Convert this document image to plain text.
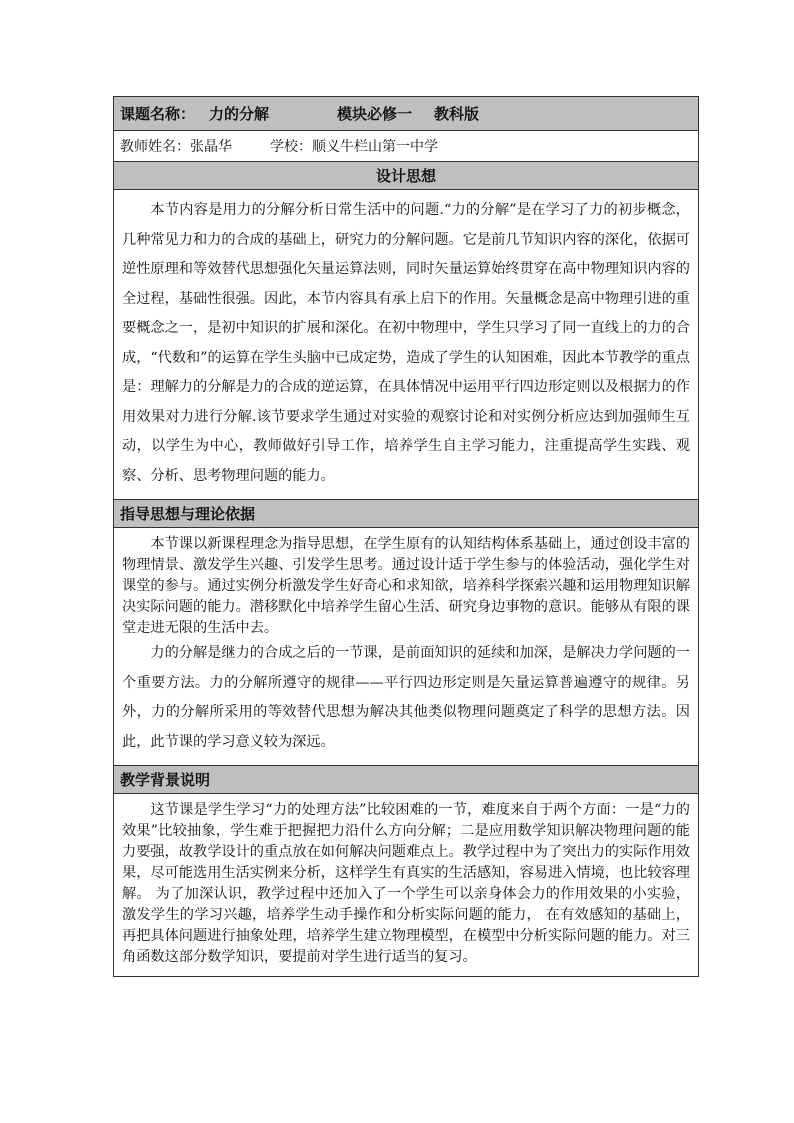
课题名称： 力的分解	模块必修一 教科版
教师姓名： 张晶华	学校： 顺义牛栏山第一中学
设计思想

本节内容是用力的分解分析日常生活中的问题.“力的分解”是在学习了力的初步概念，几种常见力和力的合成的基础上，研究力的分解问题。它是前几节知识内容的深化，依据可逆性原理和等效替代思想强化矢量运算法则，同时矢量运算始终贯穿在高中物理知识内容的全过程，基础性很强。因此，本节内容具有承上启下的作用。矢量概念是高中物理引进的重要概念之一，是初中知识的扩展和深化。在初中物理中，学生只学习了同一直线上的力的合成，“代数和”的运算在学生头脑中已成定势，造成了学生的认知困难，因此本节教学的重点是：理解力的分解是力的合成的逆运算，在具体情况中运用平行四边形定则以及根据力的作用效果对力进行分解.该节要求学生通过对实验的观察讨论和对实例分析应达到加强师生互动，以学生为中心，教师做好引导工作，培养学生自主学习能力，注重提高学生实践、观察、分析、思考物理问题的能力。

指导思想与理论依据

本节课以新课程理念为指导思想，在学生原有的认知结构体系基础上，通过创设丰富的物理情景、激发学生兴趣、引发学生思考。通过设计适于学生参与的体验活动，强化学生对课堂的参与。通过实例分析激发学生好奇心和求知欲，培养科学探索兴趣和运用物理知识解决实际问题的能力。潜移默化中培养学生留心生活、研究身边事物的意识。能够从有限的课堂走进无限的生活中去。

力的分解是继力的合成之后的一节课，是前面知识的延续和加深，是解决力学问题的一个重要方法。力的分解所遵守的规律——平行四边形定则是矢量运算普遍遵守的规律。另外，力的分解所采用的等效替代思想为解决其他类似物理问题奠定了科学的思想方法。因此，此节课的学习意义较为深远。

教学背景说明

这节课是学生学习“力的处理方法”比较困难的一节，难度来自于两个方面：一是“力的效果”比较抽象，学生难于把握把力沿什么方向分解；二是应用数学知识解决物理问题的能力要强，故教学设计的重点放在如何解决问题难点上。教学过程中为了突出力的实际作用效果，尽可能选用生活实例来分析，这样学生有真实的生活感知，容易进入情境，也比较容理解。 为了加深认识，教学过程中还加入了一个学生可以亲身体会力的作用效果的小实验，激发学生的学习兴趣，培养学生动手操作和分析实际问题的能力， 在有效感知的基础上，再把具体问题进行抽象处理，培养学生建立物理模型，在模型中分析实际问题的能力。对三角函数这部分数学知识，要提前对学生进行适当的复习。
